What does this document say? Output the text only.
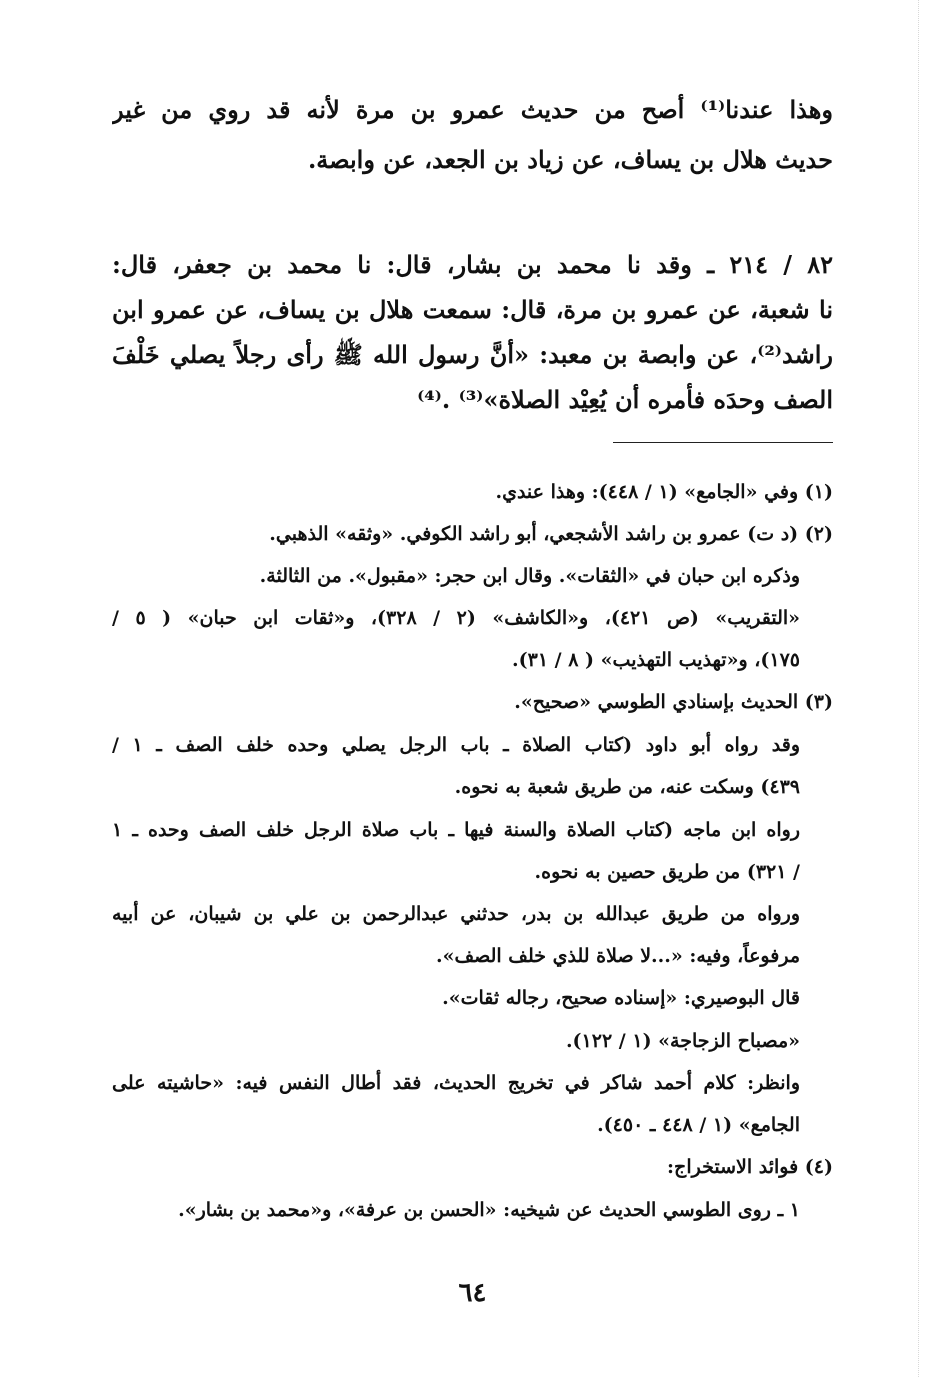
وهذا عندنا⁽¹⁾ أصح من حديث عمرو بن مرة لأنه قد روي من غير
حديث هلال بن يساف، عن زياد بن الجعد، عن وابصة.
٨٢ / ٢١٤ ـ وقد نا محمد بن بشار، قال: نا محمد بن جعفر، قال:
نا شعبة، عن عمرو بن مرة، قال: سمعت هلال بن يساف، عن عمرو ابن
راشد⁽²⁾، عن وابصة بن معبد: «أنَّ رسول الله ﷺ رأى رجلاً يصلي خَلْفَ
الصف وحدَه فأمره أن يُعِيْد الصلاة»⁽³⁾ .⁽⁴⁾
(١) وفي «الجامع» (١ / ٤٤٨): وهذا عندي.
(٢) (د ت) عمرو بن راشد الأشجعي، أبو راشد الكوفي. «وثقه» الذهبي.
وذكره ابن حبان في «الثقات». وقال ابن حجر: «مقبول». من الثالثة.
«التقريب» (ص ٤٢١)، و«الكاشف» (٢ / ٣٢٨)، و«ثقات ابن حبان» ( ٥ /
١٧٥)، و«تهذيب التهذيب» ( ٨ / ٣١).
(٣) الحديث بإسنادي الطوسي «صحيح».
وقد رواه أبو داود (كتاب الصلاة ـ باب الرجل يصلي وحده خلف الصف ـ ١ /
٤٣٩) وسكت عنه، من طريق شعبة به نحوه.
رواه ابن ماجه (كتاب الصلاة والسنة فيها ـ باب صلاة الرجل خلف الصف وحده ـ ١
/ ٣٢١) من طريق حصين به نحوه.
ورواه من طريق عبدالله بن بدر، حدثني عبدالرحمن بن علي بن شيبان، عن أبيه
مرفوعاً، وفيه: «...لا صلاة للذي خلف الصف».
قال البوصيري: «إسناده صحيح، رجاله ثقات».
«مصباح الزجاجة» (١ / ١٢٢).
وانظر: كلام أحمد شاكر في تخريج الحديث، فقد أطال النفس فيه: «حاشيته على
الجامع» (١ / ٤٤٨ ـ ٤٥٠).
(٤) فوائد الاستخراج:
١ ـ روى الطوسي الحديث عن شيخيه: «الحسن بن عرفة»، و«محمد بن بشار».
٦٤
